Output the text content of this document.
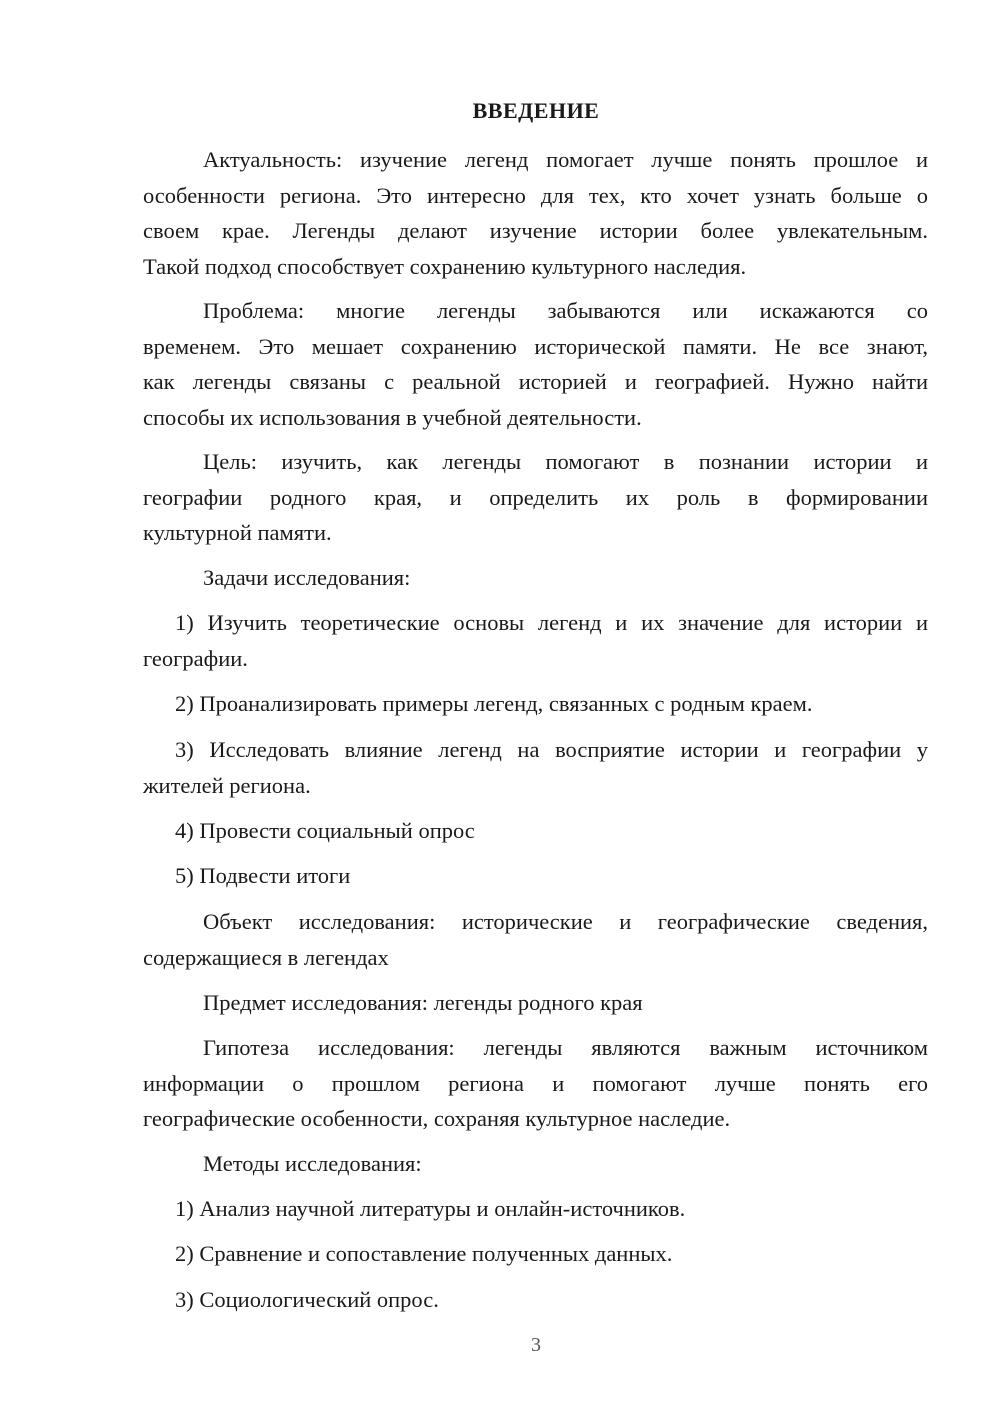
ВВЕДЕНИЕ
Актуальность: изучение легенд помогает лучше понять прошлое и
особенности региона. Это интересно для тех, кто хочет узнать больше о
своем крае. Легенды делают изучение истории более увлекательным.
Такой подход способствует сохранению культурного наследия.
Проблема: многие легенды забываются или искажаются со
временем. Это мешает сохранению исторической памяти. Не все знают,
как легенды связаны с реальной историей и географией. Нужно найти
способы их использования в учебной деятельности.
Цель: изучить, как легенды помогают в познании истории и
географии родного края, и определить их роль в формировании
культурной памяти.
Задачи исследования:
1) Изучить теоретические основы легенд и их значение для истории и
географии.
2) Проанализировать примеры легенд, связанных с родным краем.
3) Исследовать влияние легенд на восприятие истории и географии у
жителей региона.
4) Провести социальный опрос
5) Подвести итоги
Объект исследования: исторические и географические сведения,
содержащиеся в легендах
Предмет исследования: легенды родного края
Гипотеза исследования: легенды являются важным источником
информации о прошлом региона и помогают лучше понять его
географические особенности, сохраняя культурное наследие.
Методы исследования:
1) Анализ научной литературы и онлайн-источников.
2) Сравнение и сопоставление полученных данных.
3) Социологический опрос.
3
